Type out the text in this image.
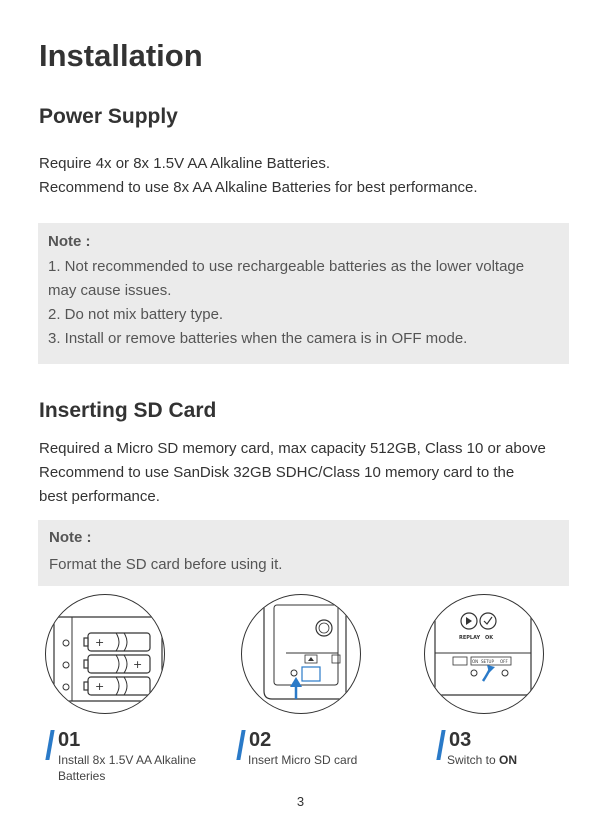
Installation
Power Supply
Require 4x or 8x 1.5V AA Alkaline Batteries.
Recommend to use 8x AA Alkaline Batteries for best performance.
Note :
1. Not recommended to use rechargeable batteries as the lower voltage
may cause issues.
2. Do not mix battery type.
3. Install or remove batteries when the camera is in OFF mode.
Inserting SD Card
Required a Micro SD memory card, max capacity 512GB, Class 10 or above
Recommend to use SanDisk 32GB SDHC/Class 10 memory card to the
best performance.
Note :
Format the SD card before using it.
+
+
+
REPLAY OK
ON SETUP OFF
01
Install 8x 1.5V AA Alkaline
Batteries
02
Insert Micro SD card
03
Switch to ON
3
